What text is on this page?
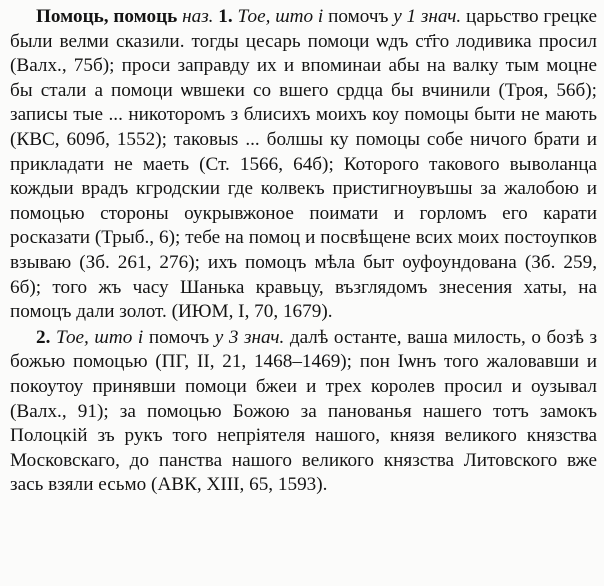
Помоць, помоць наз. 1. Тое, што і помочъ у 1 знач. царьство грецке были велми сказили. тогды цесарь помоци ѡдъ ст҃го лодивика просил (Валх., 75б); проси заправду их и впоминаи абы на валку тым моцне бы стали а помоци ѡвшеки со вшего срдца бы вчинили (Троя, 56б); записы тые ... никоторомъ з блисихъ моихъ коу помоцы быти не мають (КВС, 609б, 1552); таковыs ... болшы ку помоцы собе ничого брати и прикладати не маеть (Ст. 1566, 64б); Которого такового выволанца кождыи врадъ кгродскии где колвекъ пристигноувъшы за жалобою и помоцью стороны оукрывжоное поимати и горломъ его карати росказати (Трыб., 6); тебе на помоц и посвѣщене всих моих постоупков взываю (Зб. 261, 276); ихъ помоцъ мѣла быт оуфоундована (Зб. 259, 6б); того жъ часу Шанька кравьцу, възглядомъ знесения хаты, на помоцъ дали золот. (ИЮМ, І, 70, 1679).

2. Тое, што і помочъ у 3 знач. далѣ останте, ваша милость, о бозѣ з божью помоцью (ПГ, ІІ, 21, 1468–1469); пон Iѡнъ того жаловавши и покоутоу принявши помоци бжеи и трех королев просил и оузывал (Валх., 91); за помоцью Божою за панованья нашего тотъ замокъ Полоцкій зъ рукъ того непріятеля нашого, князя великого князства Московскаго, до панства нашого великого князства Литовского вже зась взяли есьмо (АВК, XIII, 65, 1593).
